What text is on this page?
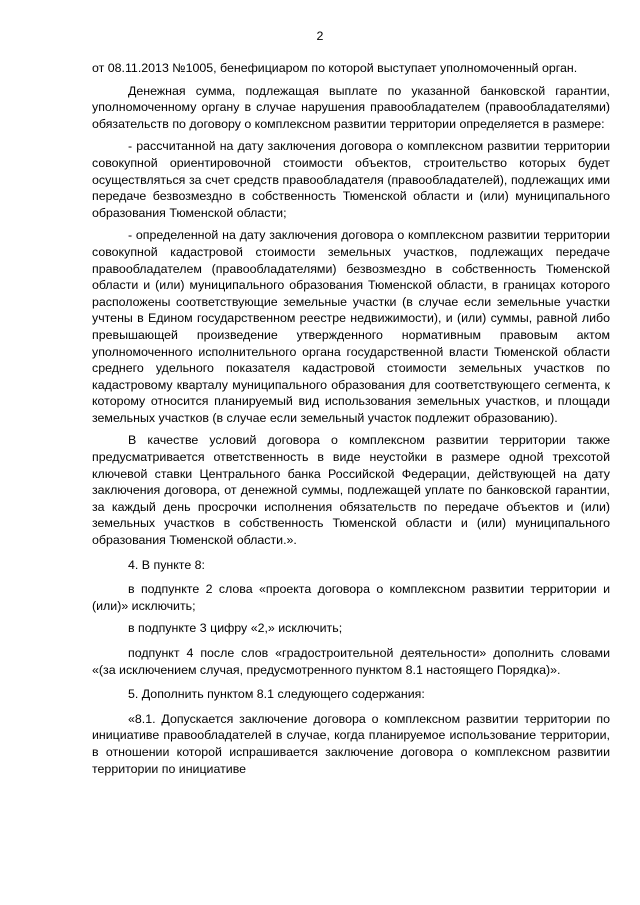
2

от 08.11.2013 №1005, бенефициаром по которой выступает уполномоченный орган.

Денежная сумма, подлежащая выплате по указанной банковской гарантии, уполномоченному органу в случае нарушения правообладателем (правообладателями) обязательств по договору о комплексном развитии территории определяется в размере:

- рассчитанной на дату заключения договора о комплексном развитии территории совокупной ориентировочной стоимости объектов, строительство которых будет осуществляться за счет средств правообладателя (правообладателей), подлежащих ими передаче безвозмездно в собственность Тюменской области и (или) муниципального образования Тюменской области;

- определенной на дату заключения договора о комплексном развитии территории совокупной кадастровой стоимости земельных участков, подлежащих передаче правообладателем (правообладателями) безвозмездно в собственность Тюменской области и (или) муниципального образования Тюменской области, в границах которого расположены соответствующие земельные участки (в случае если земельные участки учтены в Едином государственном реестре недвижимости), и (или) суммы, равной либо превышающей произведение утвержденного нормативным правовым актом уполномоченного исполнительного органа государственной власти Тюменской области среднего удельного показателя кадастровой стоимости земельных участков по кадастровому кварталу муниципального образования для соответствующего сегмента, к которому относится планируемый вид использования земельных участков, и площади земельных участков (в случае если земельный участок подлежит образованию).

В качестве условий договора о комплексном развитии территории также предусматривается ответственность в виде неустойки в размере одной трехсотой ключевой ставки Центрального банка Российской Федерации, действующей на дату заключения договора, от денежной суммы, подлежащей уплате по банковской гарантии, за каждый день просрочки исполнения обязательств по передаче объектов и (или) земельных участков в собственность Тюменской области и (или) муниципального образования Тюменской области.».

4. В пункте 8:

в подпункте 2 слова «проекта договора о комплексном развитии территории и (или)» исключить;

в подпункте 3 цифру «2,» исключить;

подпункт 4 после слов «градостроительной деятельности» дополнить словами «(за исключением случая, предусмотренного пунктом 8.1 настоящего Порядка)».

5. Дополнить пунктом 8.1 следующего содержания:

«8.1. Допускается заключение договора о комплексном развитии территории по инициативе правообладателей в случае, когда планируемое использование территории, в отношении которой испрашивается заключение договора о комплексном развитии территории по инициативе
